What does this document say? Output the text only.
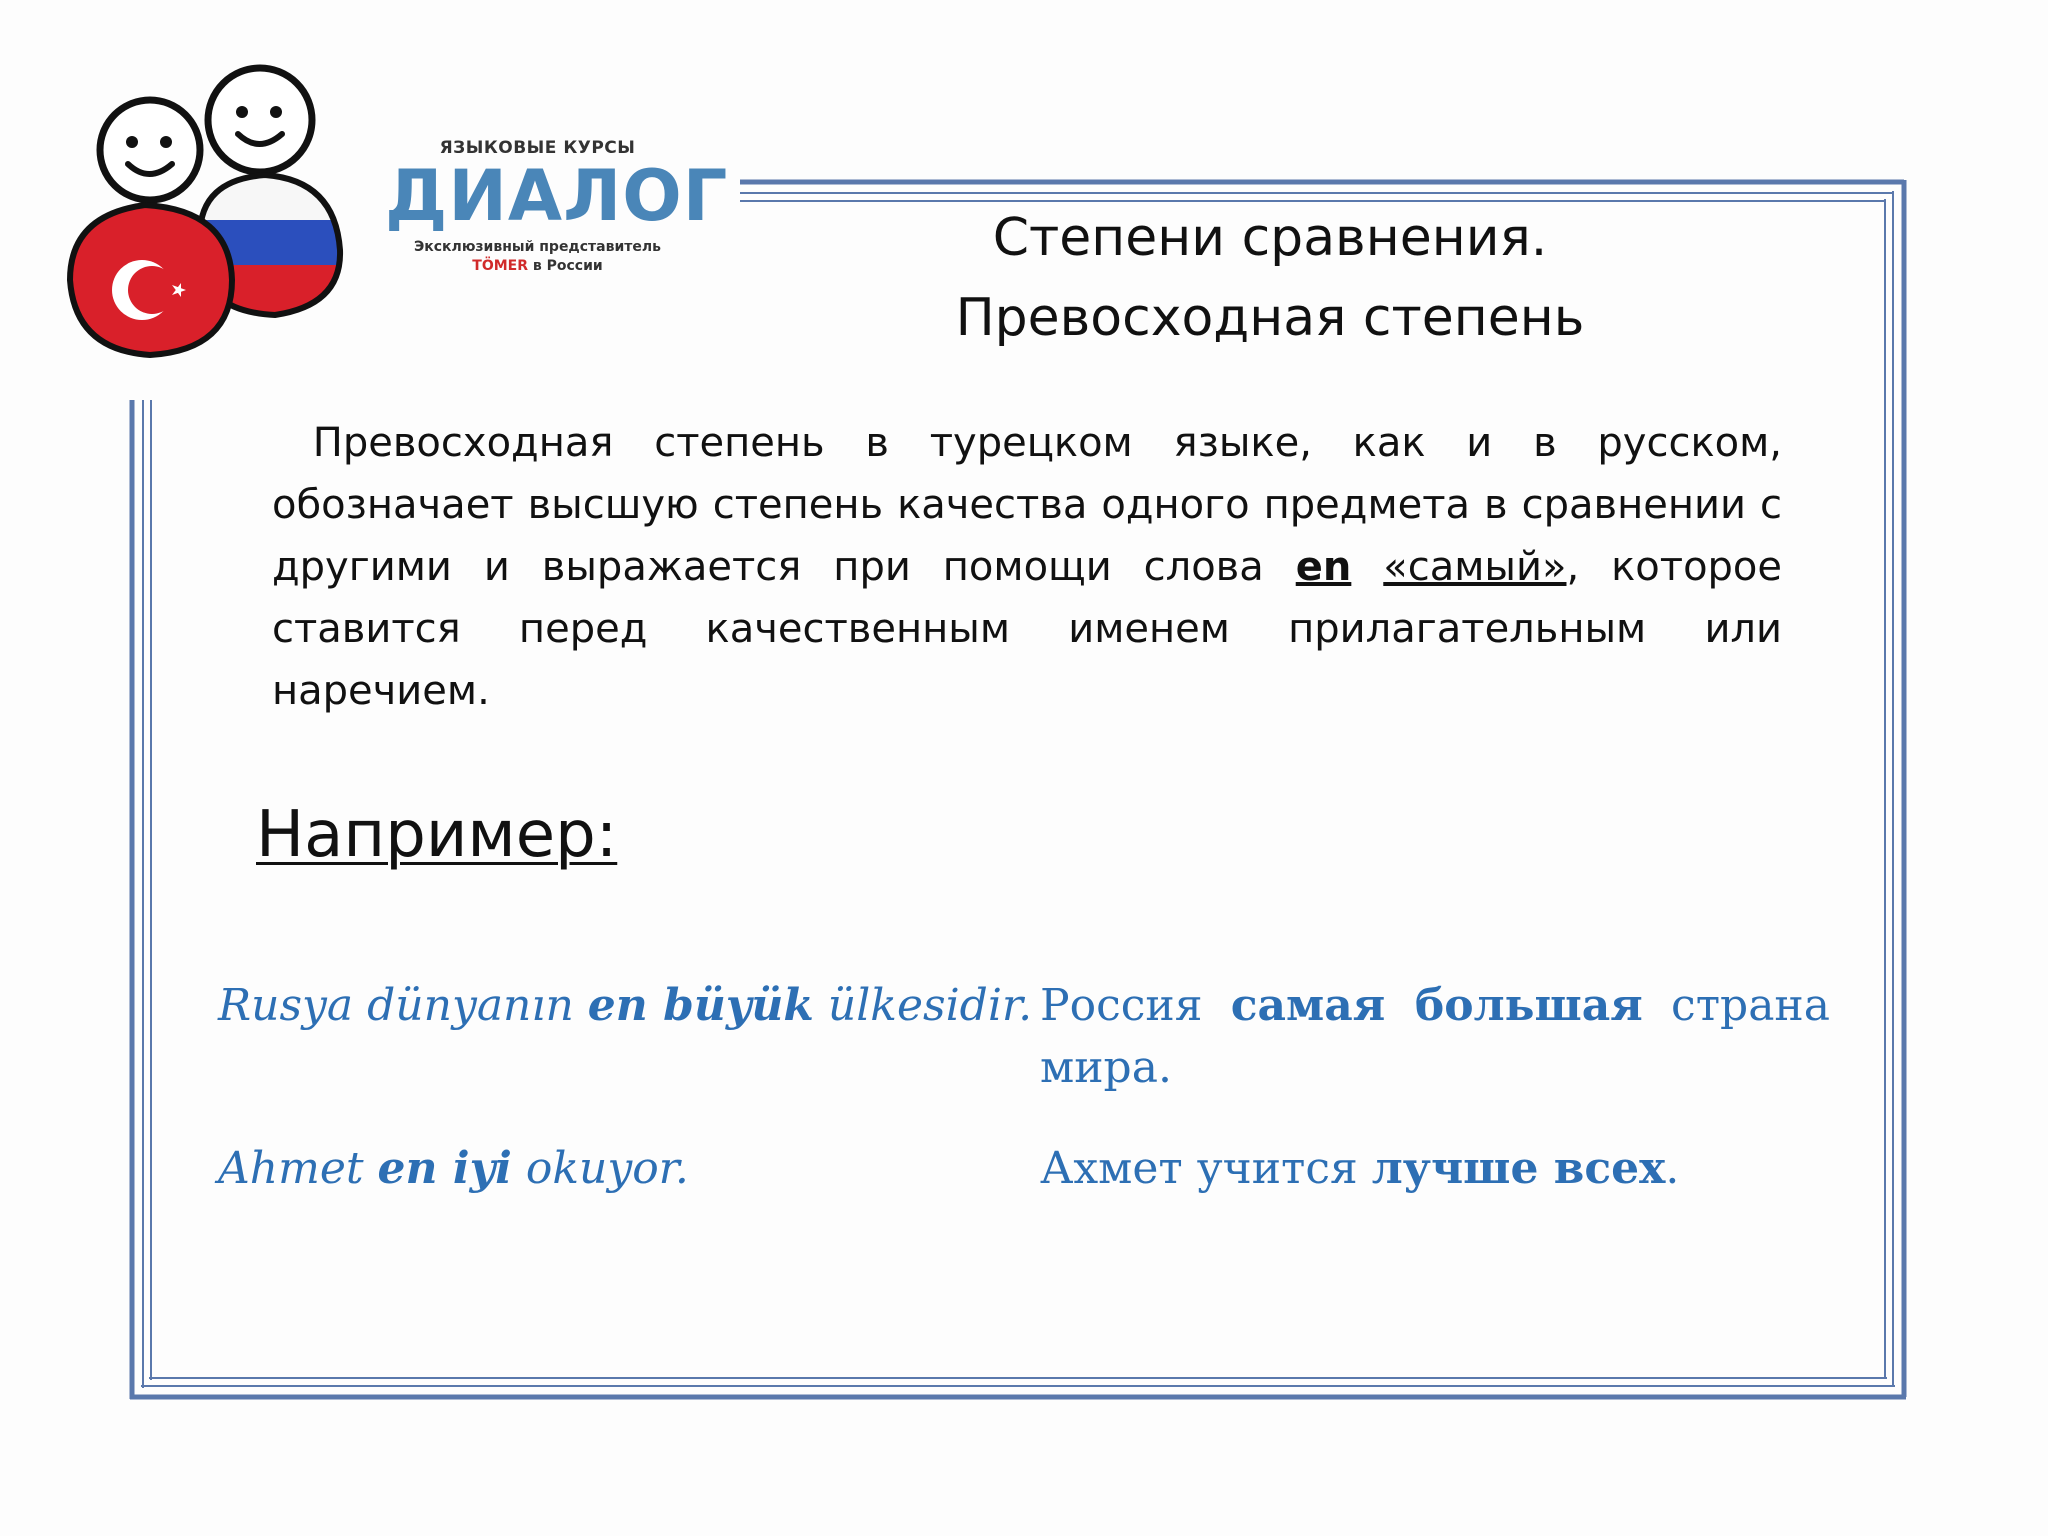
ЯЗЫКОВЫЕ КУРСЫ
ДИАЛОГ
Эксклюзивный представитель
TÖMER в России	Степени сравнения.
Превосходная степень
Превосходная степень в турецком языке, как и в русском, обозначает высшую степень качества одного предмета в сравнении с другими и выражается при помощи слова en «самый», которое ставится перед качественным именем прилагательным или наречием.
Например:
Rusya dünyanın en büyük ülkesidir. Россия самая большая страна мира.
Ahmet en iyi okuyor.	Ахмет учится лучше всех.
